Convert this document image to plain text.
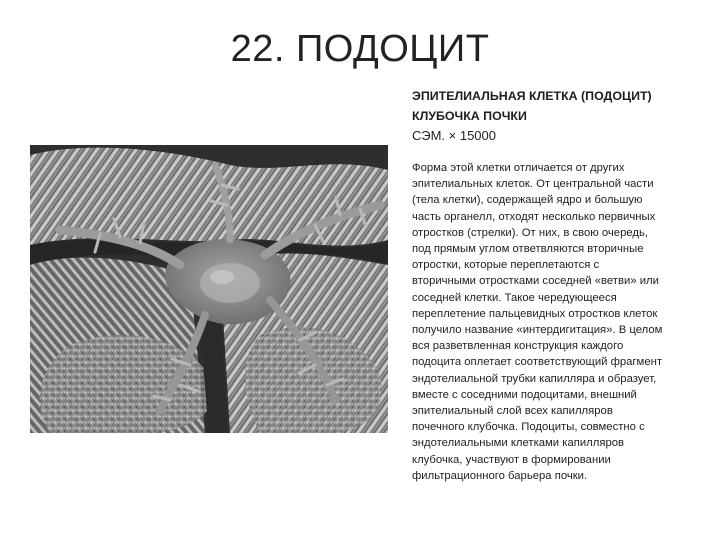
22. ПОДОЦИТ
ЭПИТЕЛИАЛЬНАЯ КЛЕТКА (ПОДОЦИТ)
КЛУБОЧКА ПОЧКИ
СЭМ. × 15000
Форма этой клетки отличается от других
эпителиальных клеток. От центральной части
(тела клетки), содержащей ядро и большую
часть органелл, отходят несколько первичных
отростков (стрелки). От них, в свою очередь,
под прямым углом ответвляются вторичные
отростки, которые переплетаются с
вторичными отростками соседней «ветви» или
соседней клетки. Такое чередующееся
переплетение пальцевидных отростков клеток
получило название «интердигитация». В целом
вся разветвленная конструкция каждого
подоцита оплетает соответствующий фрагмент
эндотелиальной трубки капилляра и образует,
вместе с соседними подоцитами, внешний
эпителиальный слой всех капилляров
почечного клубочка. Подоциты, совместно с
эндотелиальными клетками капилляров
клубочка, участвуют в формировании
фильтрационного барьера почки.
